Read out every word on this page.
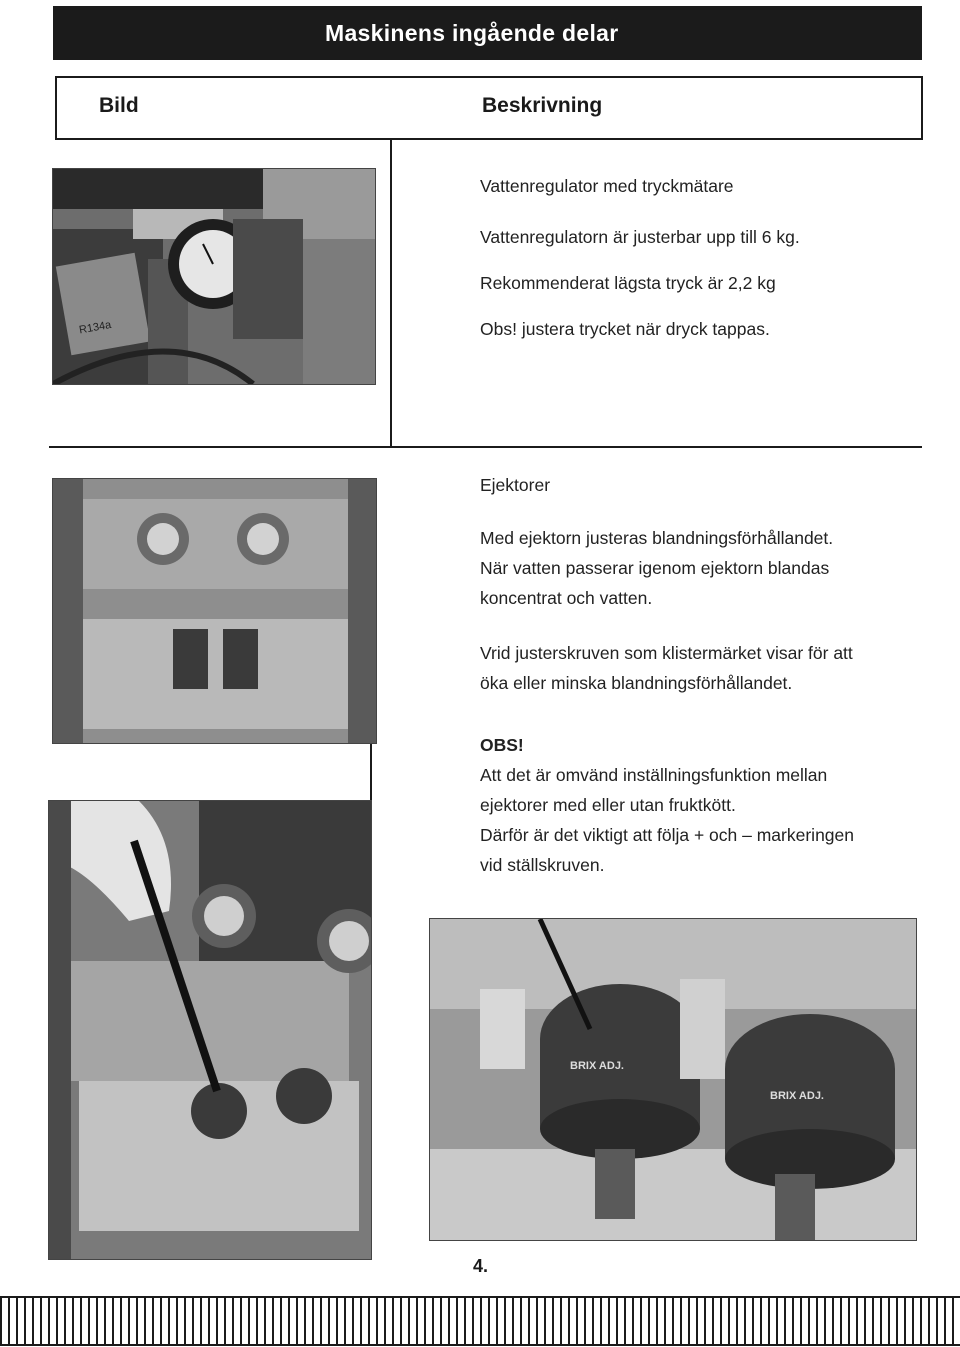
Maskinens ingående delar
Bild	Beskrivning
R134a
BRIX ADJ.
BRIX ADJ.
Vattenregulator med tryckmätare
Vattenregulatorn är justerbar upp till 6 kg.
Rekommenderat lägsta tryck är 2,2 kg
Obs! justera trycket när dryck tappas.
Ejektorer
Med ejektorn justeras blandningsförhållandet.
När vatten passerar igenom ejektorn blandas
koncentrat och vatten.
Vrid justerskruven som klistermärket visar för att
öka eller minska blandningsförhållandet.
OBS!
Att det är omvänd inställningsfunktion mellan
ejektorer med eller utan fruktkött.
Därför är det viktigt att följa + och – markeringen
vid ställskruven.
4.
